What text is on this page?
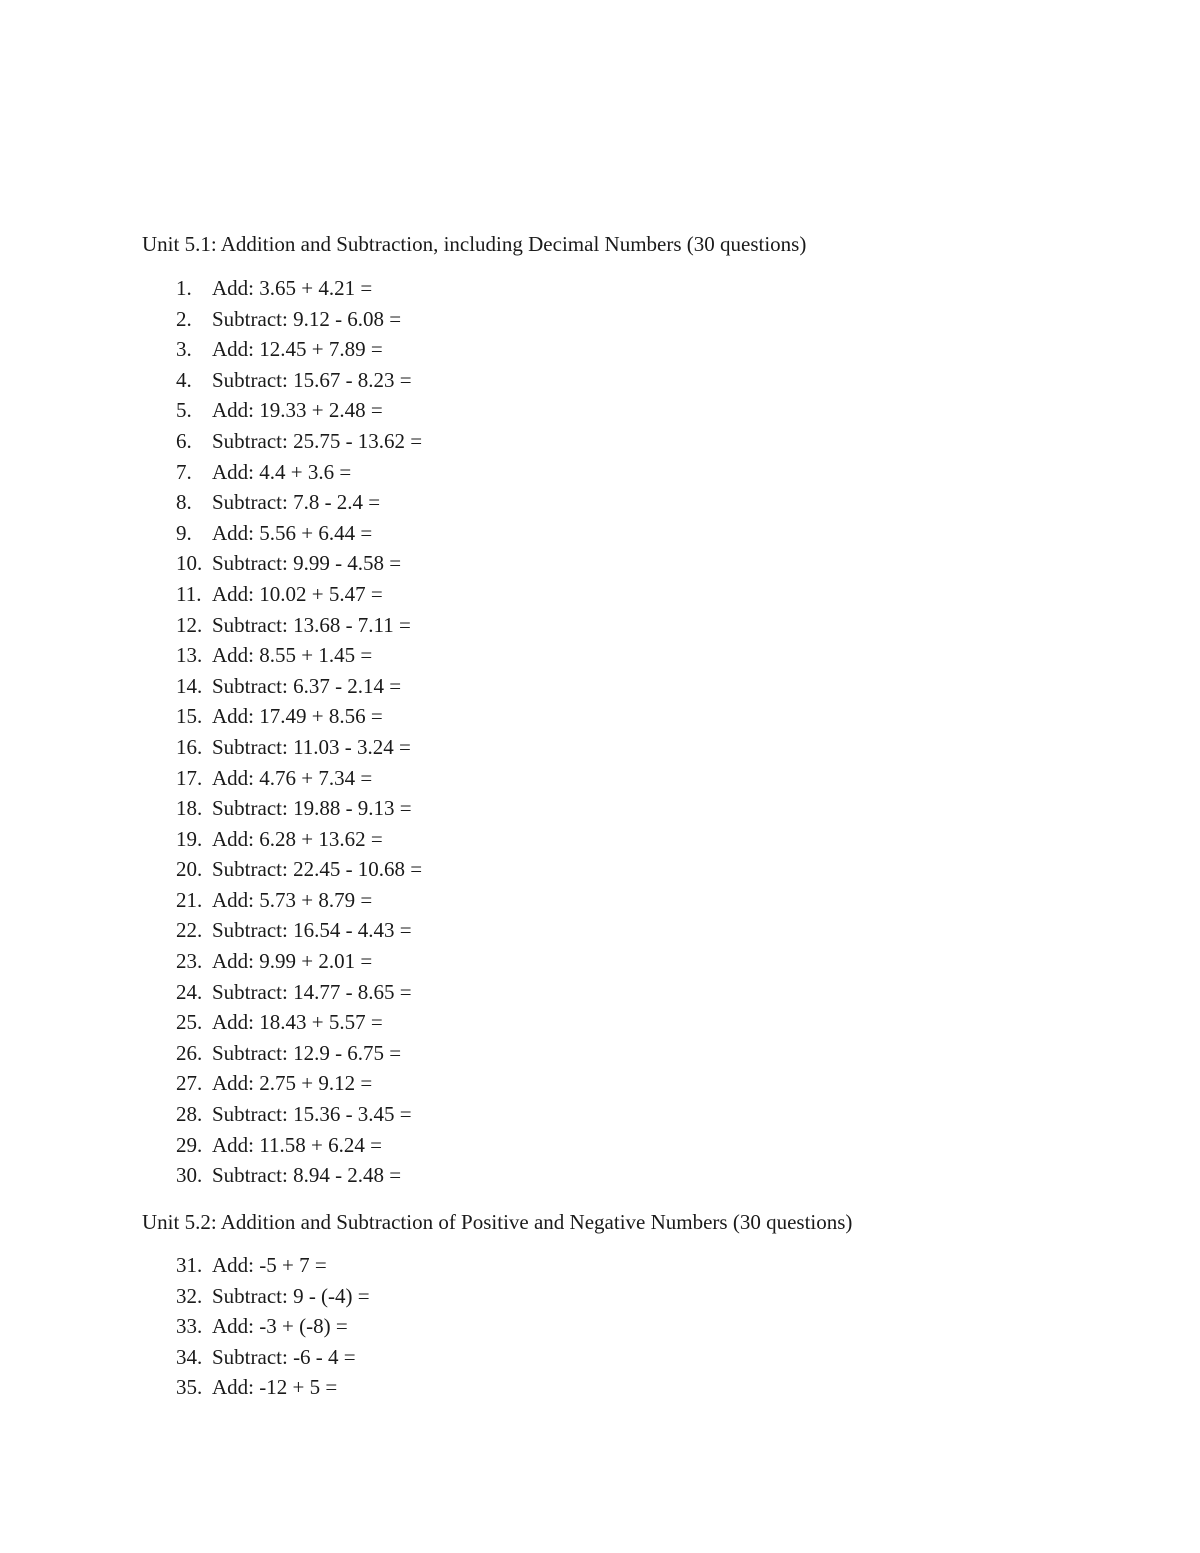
Unit 5.1: Addition and Subtraction, including Decimal Numbers (30 questions)
1. Add: 3.65 + 4.21 =
2. Subtract: 9.12 - 6.08 =
3. Add: 12.45 + 7.89 =
4. Subtract: 15.67 - 8.23 =
5. Add: 19.33 + 2.48 =
6. Subtract: 25.75 - 13.62 =
7. Add: 4.4 + 3.6 =
8. Subtract: 7.8 - 2.4 =
9. Add: 5.56 + 6.44 =
10. Subtract: 9.99 - 4.58 =
11. Add: 10.02 + 5.47 =
12. Subtract: 13.68 - 7.11 =
13. Add: 8.55 + 1.45 =
14. Subtract: 6.37 - 2.14 =
15. Add: 17.49 + 8.56 =
16. Subtract: 11.03 - 3.24 =
17. Add: 4.76 + 7.34 =
18. Subtract: 19.88 - 9.13 =
19. Add: 6.28 + 13.62 =
20. Subtract: 22.45 - 10.68 =
21. Add: 5.73 + 8.79 =
22. Subtract: 16.54 - 4.43 =
23. Add: 9.99 + 2.01 =
24. Subtract: 14.77 - 8.65 =
25. Add: 18.43 + 5.57 =
26. Subtract: 12.9 - 6.75 =
27. Add: 2.75 + 9.12 =
28. Subtract: 15.36 - 3.45 =
29. Add: 11.58 + 6.24 =
30. Subtract: 8.94 - 2.48 =
Unit 5.2: Addition and Subtraction of Positive and Negative Numbers (30 questions)
31. Add: -5 + 7 =
32. Subtract: 9 - (-4) =
33. Add: -3 + (-8) =
34. Subtract: -6 - 4 =
35. Add: -12 + 5 =
